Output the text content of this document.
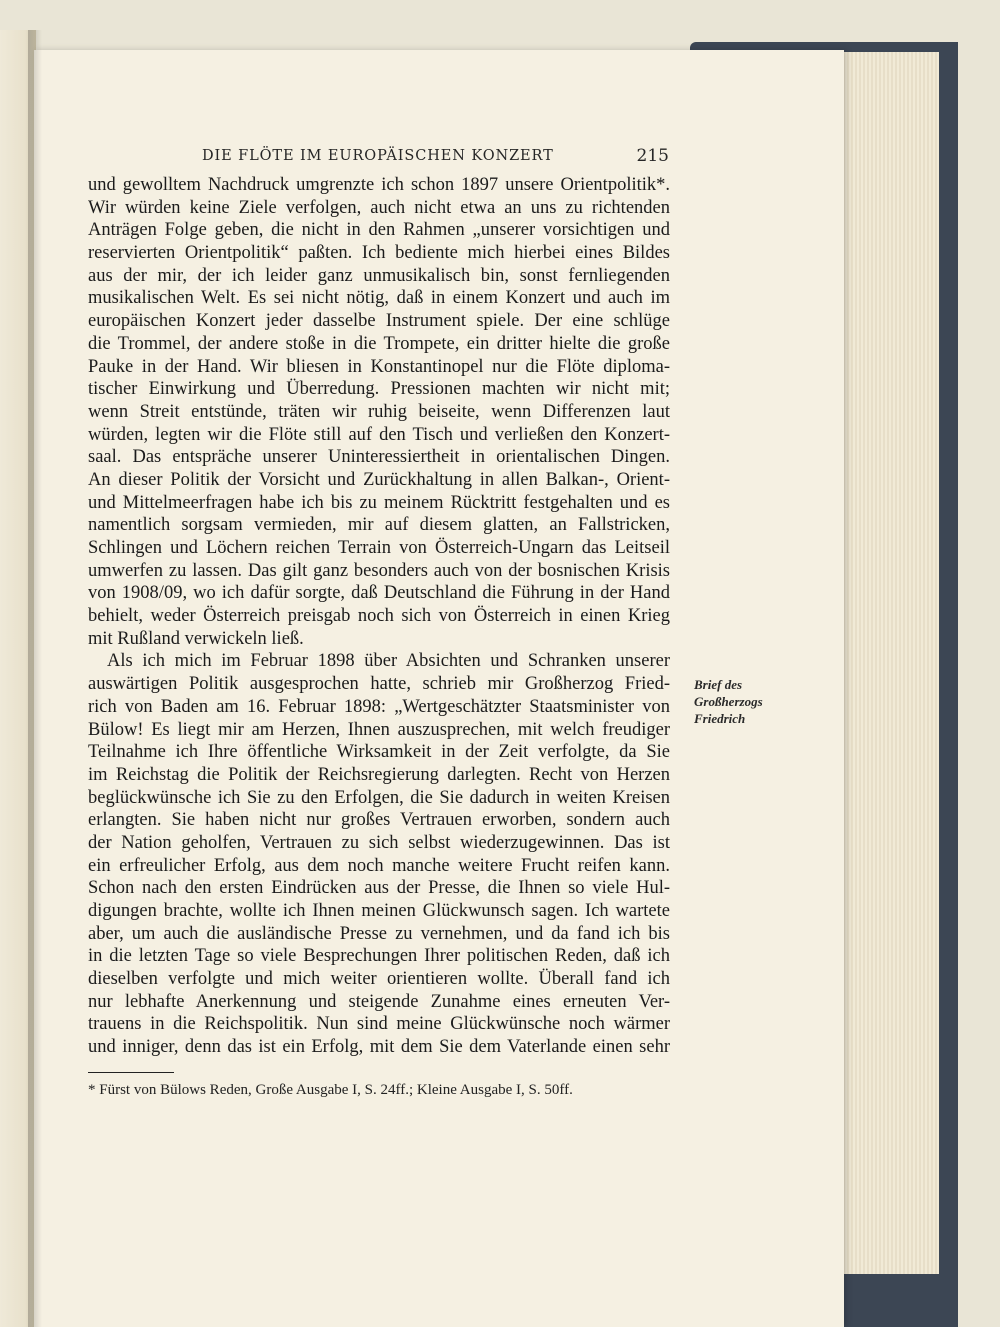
DIE FLÖTE IM EUROPÄISCHEN KONZERT	215
und gewolltem Nachdruck umgrenzte ich schon 1897 unsere Orientpolitik*.
Wir würden keine Ziele verfolgen, auch nicht etwa an uns zu richtenden
Anträgen Folge geben, die nicht in den Rahmen „unserer vorsichtigen und
reservierten Orientpolitik“ paßten. Ich bediente mich hierbei eines Bildes
aus der mir, der ich leider ganz unmusikalisch bin, sonst fernliegenden
musikalischen Welt. Es sei nicht nötig, daß in einem Konzert und auch im
europäischen Konzert jeder dasselbe Instrument spiele. Der eine schlüge
die Trommel, der andere stoße in die Trompete, ein dritter hielte die große
Pauke in der Hand. Wir bliesen in Konstantinopel nur die Flöte diploma-
tischer Einwirkung und Überredung. Pressionen machten wir nicht mit;
wenn Streit entstünde, träten wir ruhig beiseite, wenn Differenzen laut
würden, legten wir die Flöte still auf den Tisch und verließen den Konzert-
saal. Das entspräche unserer Uninteressiertheit in orientalischen Dingen.
An dieser Politik der Vorsicht und Zurückhaltung in allen Balkan-, Orient-
und Mittelmeerfragen habe ich bis zu meinem Rücktritt festgehalten und es
namentlich sorgsam vermieden, mir auf diesem glatten, an Fallstricken,
Schlingen und Löchern reichen Terrain von Österreich-Ungarn das Leitseil
umwerfen zu lassen. Das gilt ganz besonders auch von der bosnischen Krisis
von 1908/09, wo ich dafür sorgte, daß Deutschland die Führung in der Hand
behielt, weder Österreich preisgab noch sich von Österreich in einen Krieg
mit Rußland verwickeln ließ.
Als ich mich im Februar 1898 über Absichten und Schranken unserer
auswärtigen Politik ausgesprochen hatte, schrieb mir Großherzog Fried-
rich von Baden am 16. Februar 1898: „Wertgeschätzter Staatsminister von
Bülow! Es liegt mir am Herzen, Ihnen auszusprechen, mit welch freudiger
Teilnahme ich Ihre öffentliche Wirksamkeit in der Zeit verfolgte, da Sie
im Reichstag die Politik der Reichsregierung darlegten. Recht von Herzen
beglückwünsche ich Sie zu den Erfolgen, die Sie dadurch in weiten Kreisen
erlangten. Sie haben nicht nur großes Vertrauen erworben, sondern auch
der Nation geholfen, Vertrauen zu sich selbst wiederzugewinnen. Das ist
ein erfreulicher Erfolg, aus dem noch manche weitere Frucht reifen kann.
Schon nach den ersten Eindrücken aus der Presse, die Ihnen so viele Hul-
digungen brachte, wollte ich Ihnen meinen Glückwunsch sagen. Ich wartete
aber, um auch die ausländische Presse zu vernehmen, und da fand ich bis
in die letzten Tage so viele Besprechungen Ihrer politischen Reden, daß ich
dieselben verfolgte und mich weiter orientieren wollte. Überall fand ich
nur lebhafte Anerkennung und steigende Zunahme eines erneuten Ver-
trauens in die Reichspolitik. Nun sind meine Glückwünsche noch wärmer
und inniger, denn das ist ein Erfolg, mit dem Sie dem Vaterlande einen sehr
Brief des
Großherzogs
Friedrich
* Fürst von Bülows Reden, Große Ausgabe I, S. 24ff.; Kleine Ausgabe I, S. 50ff.
